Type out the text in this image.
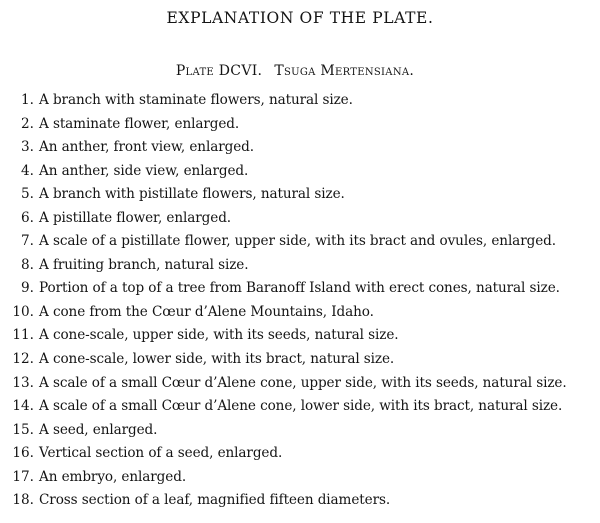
EXPLANATION OF THE PLATE.
Plate DCVI. Tsuga Mertensiana.
1. A branch with staminate flowers, natural size.
2. A staminate flower, enlarged.
3. An anther, front view, enlarged.
4. An anther, side view, enlarged.
5. A branch with pistillate flowers, natural size.
6. A pistillate flower, enlarged.
7. A scale of a pistillate flower, upper side, with its bract and ovules, enlarged.
8. A fruiting branch, natural size.
9. Portion of a top of a tree from Baranoff Island with erect cones, natural size.
10. A cone from the Cœur d’Alene Mountains, Idaho.
11. A cone-scale, upper side, with its seeds, natural size.
12. A cone-scale, lower side, with its bract, natural size.
13. A scale of a small Cœur d’Alene cone, upper side, with its seeds, natural size.
14. A scale of a small Cœur d’Alene cone, lower side, with its bract, natural size.
15. A seed, enlarged.
16. Vertical section of a seed, enlarged.
17. An embryo, enlarged.
18. Cross section of a leaf, magnified fifteen diameters.
